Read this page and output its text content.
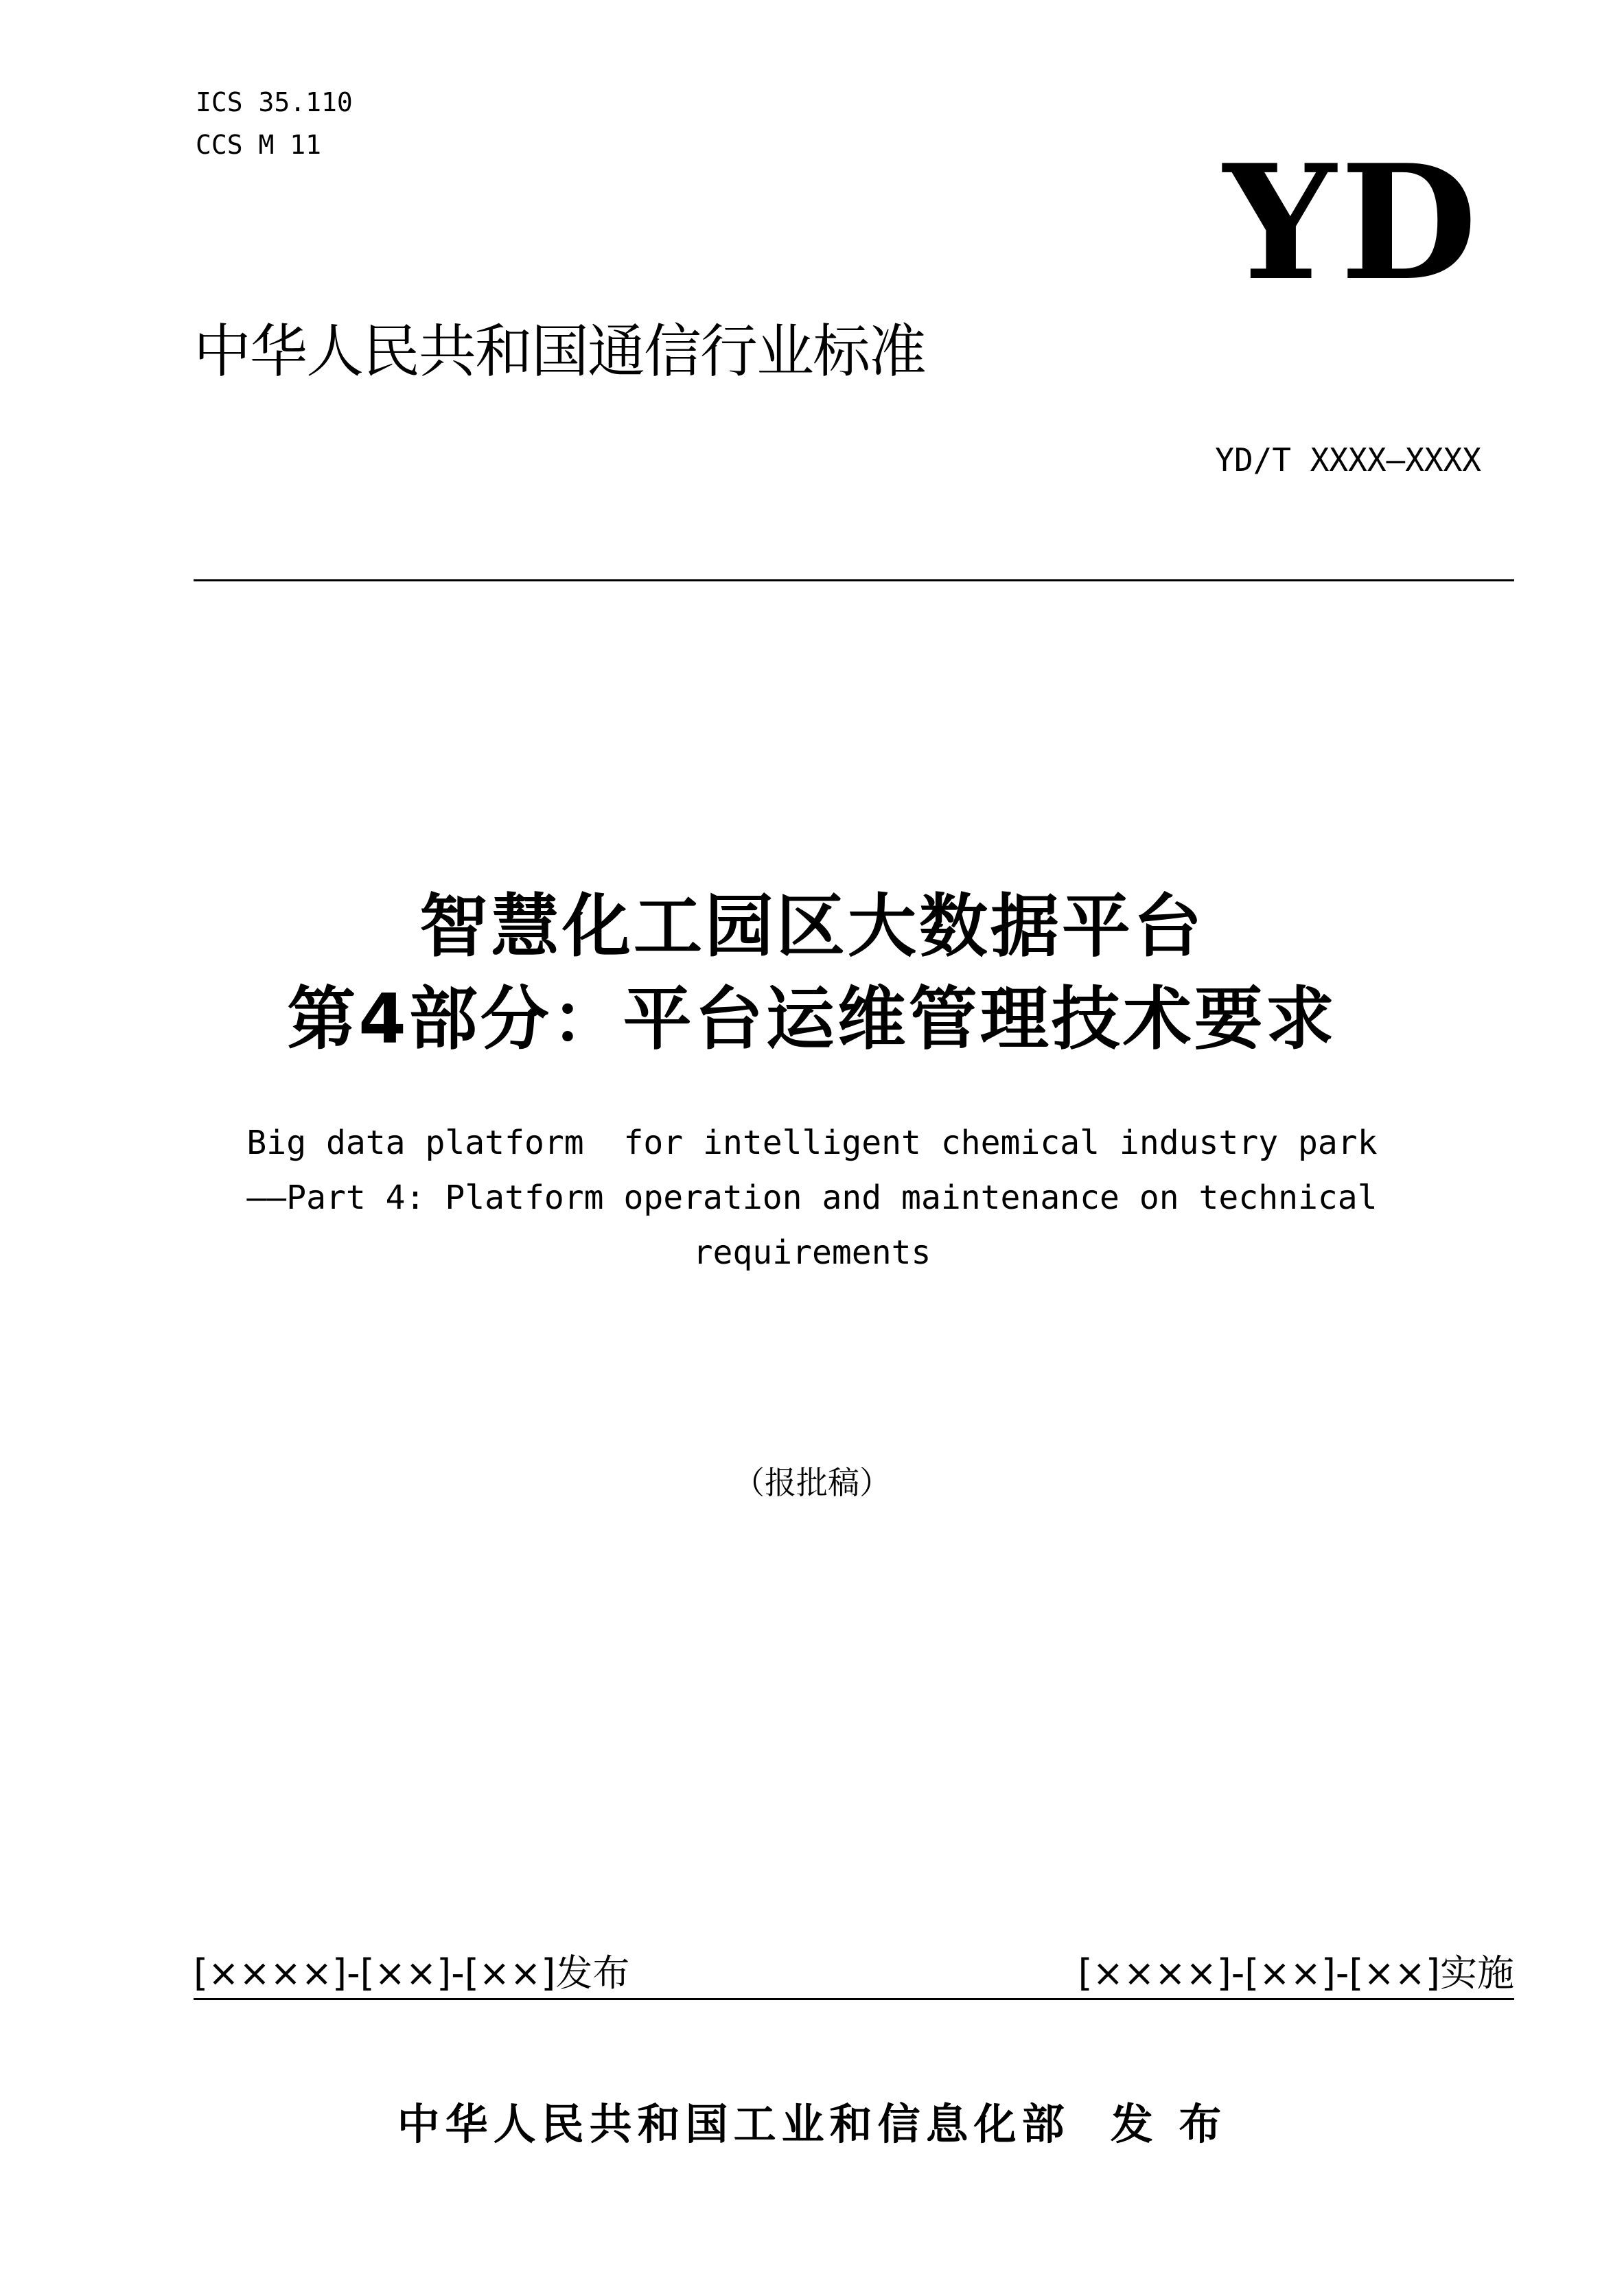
ICS 35.110
CCS M 11	YD
中华人民共和国通信行业标准
YD/T XXXX—XXXX
智慧化工园区大数据平台
第4部分：平台运维管理技术要求
Big data platform  for intelligent chemical industry park
——Part 4: Platform operation and maintenance on technical
requirements
（报批稿）
[××××]-[××]-[××]发布	[××××]-[××]-[××]实施
中华人民共和国工业和信息化部  发 布
